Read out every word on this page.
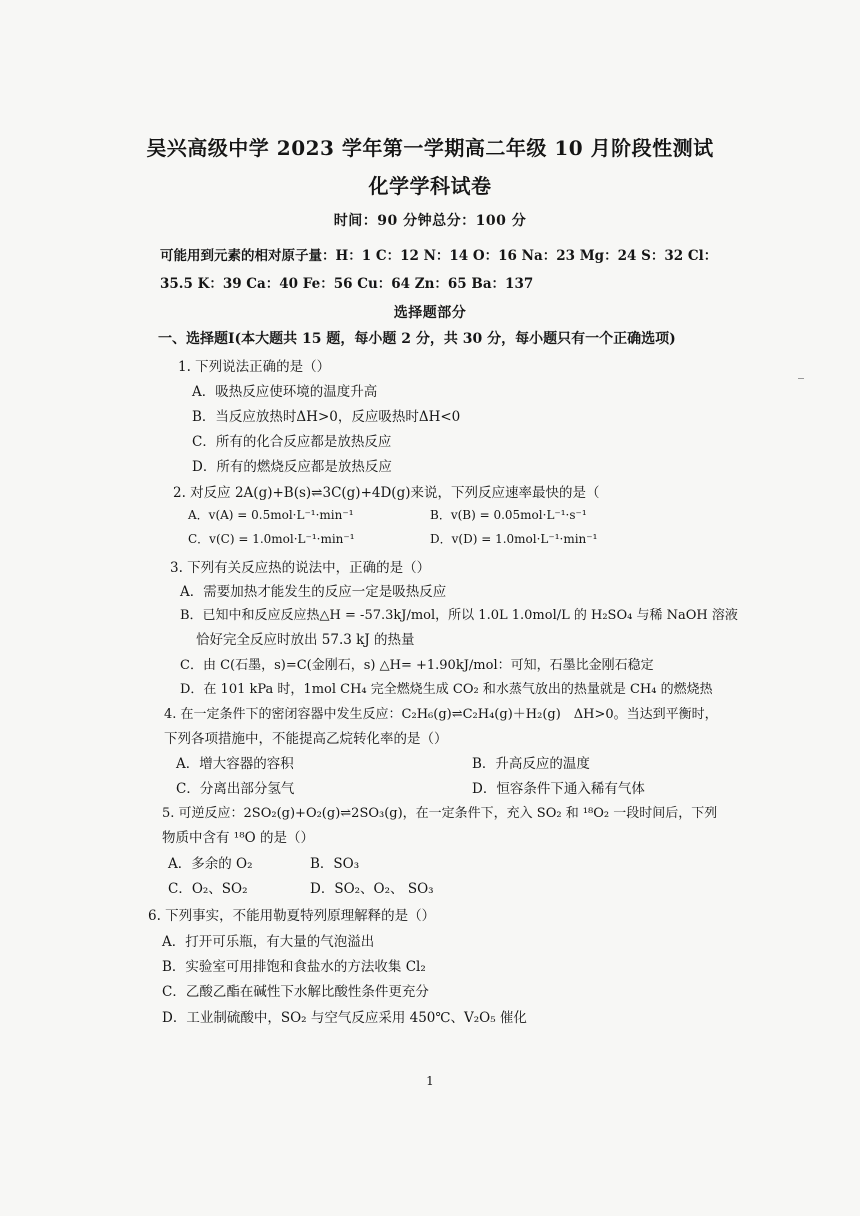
吴兴高级中学 2023 学年第一学期高二年级 10 月阶段性测试
化学学科试卷
时间：90 分钟总分：100 分
可能用到元素的相对原子量：H：1 C：12 N：14 O：16 Na：23 Mg：24 S：32 Cl：
35.5 K：39 Ca：40 Fe：56 Cu：64 Zn：65 Ba：137
选择题部分
一、选择题Ⅰ(本大题共 15 题，每小题 2 分，共 30 分，每小题只有一个正确选项)
1. 下列说法正确的是（）
A．吸热反应使环境的温度升高
B．当反应放热时ΔH>0，反应吸热时ΔH<0
C．所有的化合反应都是放热反应
D．所有的燃烧反应都是放热反应
2. 对反应 2A(g)+B(s)⇌3C(g)+4D(g)来说，下列反应速率最快的是（
A．v(A) = 0.5mol·L⁻¹·min⁻¹	B．v(B) = 0.05mol·L⁻¹·s⁻¹
C．v(C) = 1.0mol·L⁻¹·min⁻¹	D．v(D) = 1.0mol·L⁻¹·min⁻¹
3. 下列有关反应热的说法中，正确的是（）
A．需要加热才能发生的反应一定是吸热反应
B．已知中和反应反应热△H = -57.3kJ/mol，所以 1.0L 1.0mol/L 的 H₂SO₄ 与稀 NaOH 溶液
恰好完全反应时放出 57.3 kJ 的热量
C．由 C(石墨，s)=C(金刚石，s) △H= +1.90kJ/mol：可知，石墨比金刚石稳定
D．在 101 kPa 时，1mol CH₄ 完全燃烧生成 CO₂ 和水蒸气放出的热量就是 CH₄ 的燃烧热
4. 在一定条件下的密闭容器中发生反应：C₂H₆(g)⇌C₂H₄(g)＋H₂(g)　ΔH>0。当达到平衡时，
下列各项措施中，不能提高乙烷转化率的是（）
A．增大容器的容积	B．升高反应的温度
C．分离出部分氢气	D．恒容条件下通入稀有气体
5. 可逆反应：2SO₂(g)+O₂(g)⇌2SO₃(g)，在一定条件下，充入 SO₂ 和 ¹⁸O₂ 一段时间后，下列
物质中含有 ¹⁸O 的是（）
A．多余的 O₂	B．SO₃
C．O₂、SO₂	D．SO₂、O₂、 SO₃
6. 下列事实，不能用勒夏特列原理解释的是（）
A．打开可乐瓶，有大量的气泡溢出
B．实验室可用排饱和食盐水的方法收集 Cl₂
C．乙酸乙酯在碱性下水解比酸性条件更充分
D．工业制硫酸中，SO₂ 与空气反应采用 450℃、V₂O₅ 催化
1
